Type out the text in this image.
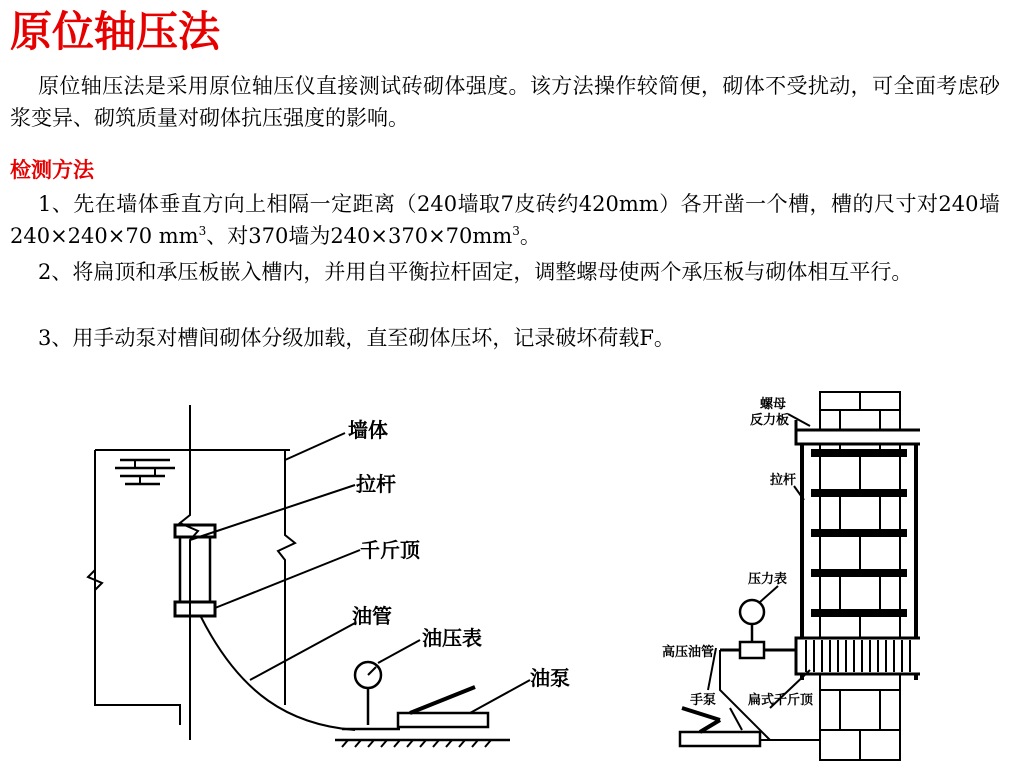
原位轴压法
原位轴压法是采用原位轴压仪直接测试砖砌体强度。该方法操作较简便，砌体不受扰动，可全面考虑砂浆变异、砌筑质量对砌体抗压强度的影响。
检测方法
1、先在墙体垂直方向上相隔一定距离（240墙取7皮砖约420mm）各开凿一个槽，槽的尺寸对240墙240×240×70 $mm^3$、对370墙为$240\times 370\times 70mm^3$。
2、将扁顶和承压板嵌入槽内，并用自平衡拉杆固定，调整螺母使两个承压板与砌体相互平行。
3、用手动泵对槽间砌体分级加载，直至砌体压坏，记录破坏荷载F。
墙体
拉杆
千斤顶
油管
油压表
油泵
螺母
反力板
拉杆
压力表
高压油管
手泵 扁式千斤顶
